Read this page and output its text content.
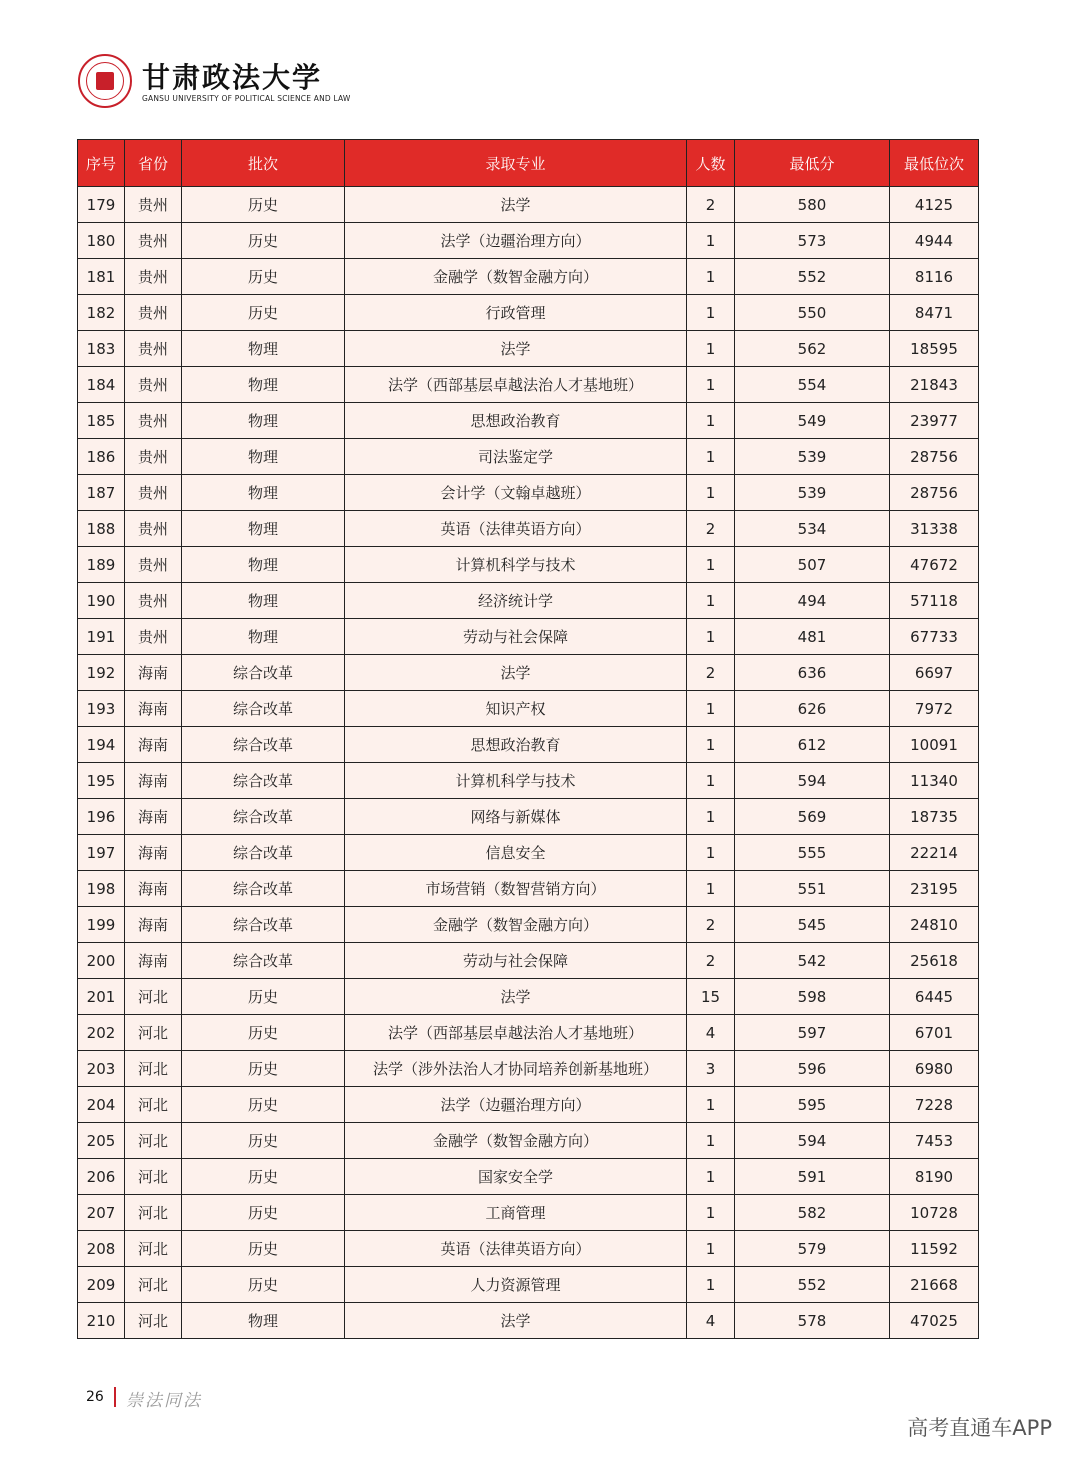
甘肃政法大学
GANSU UNIVERSITY OF POLITICAL SCIENCE AND LAW
序号	省份	批次	录取专业	人数	最低分	最低位次
179	贵州	历史	法学	2	580	4125
180	贵州	历史	法学（边疆治理方向）	1	573	4944
181	贵州	历史	金融学（数智金融方向）	1	552	8116
182	贵州	历史	行政管理	1	550	8471
183	贵州	物理	法学	1	562	18595
184	贵州	物理	法学（西部基层卓越法治人才基地班）	1	554	21843
185	贵州	物理	思想政治教育	1	549	23977
186	贵州	物理	司法鉴定学	1	539	28756
187	贵州	物理	会计学（文翰卓越班）	1	539	28756
188	贵州	物理	英语（法律英语方向）	2	534	31338
189	贵州	物理	计算机科学与技术	1	507	47672
190	贵州	物理	经济统计学	1	494	57118
191	贵州	物理	劳动与社会保障	1	481	67733
192	海南	综合改革	法学	2	636	6697
193	海南	综合改革	知识产权	1	626	7972
194	海南	综合改革	思想政治教育	1	612	10091
195	海南	综合改革	计算机科学与技术	1	594	11340
196	海南	综合改革	网络与新媒体	1	569	18735
197	海南	综合改革	信息安全	1	555	22214
198	海南	综合改革	市场营销（数智营销方向）	1	551	23195
199	海南	综合改革	金融学（数智金融方向）	2	545	24810
200	海南	综合改革	劳动与社会保障	2	542	25618
201	河北	历史	法学	15	598	6445
202	河北	历史	法学（西部基层卓越法治人才基地班）	4	597	6701
203	河北	历史	法学（涉外法治人才协同培养创新基地班）	3	596	6980
204	河北	历史	法学（边疆治理方向）	1	595	7228
205	河北	历史	金融学（数智金融方向）	1	594	7453
206	河北	历史	国家安全学	1	591	8190
207	河北	历史	工商管理	1	582	10728
208	河北	历史	英语（法律英语方向）	1	579	11592
209	河北	历史	人力资源管理	1	552	21668
210	河北	物理	法学	4	578	47025
26 崇法同法
高考直通车APP
